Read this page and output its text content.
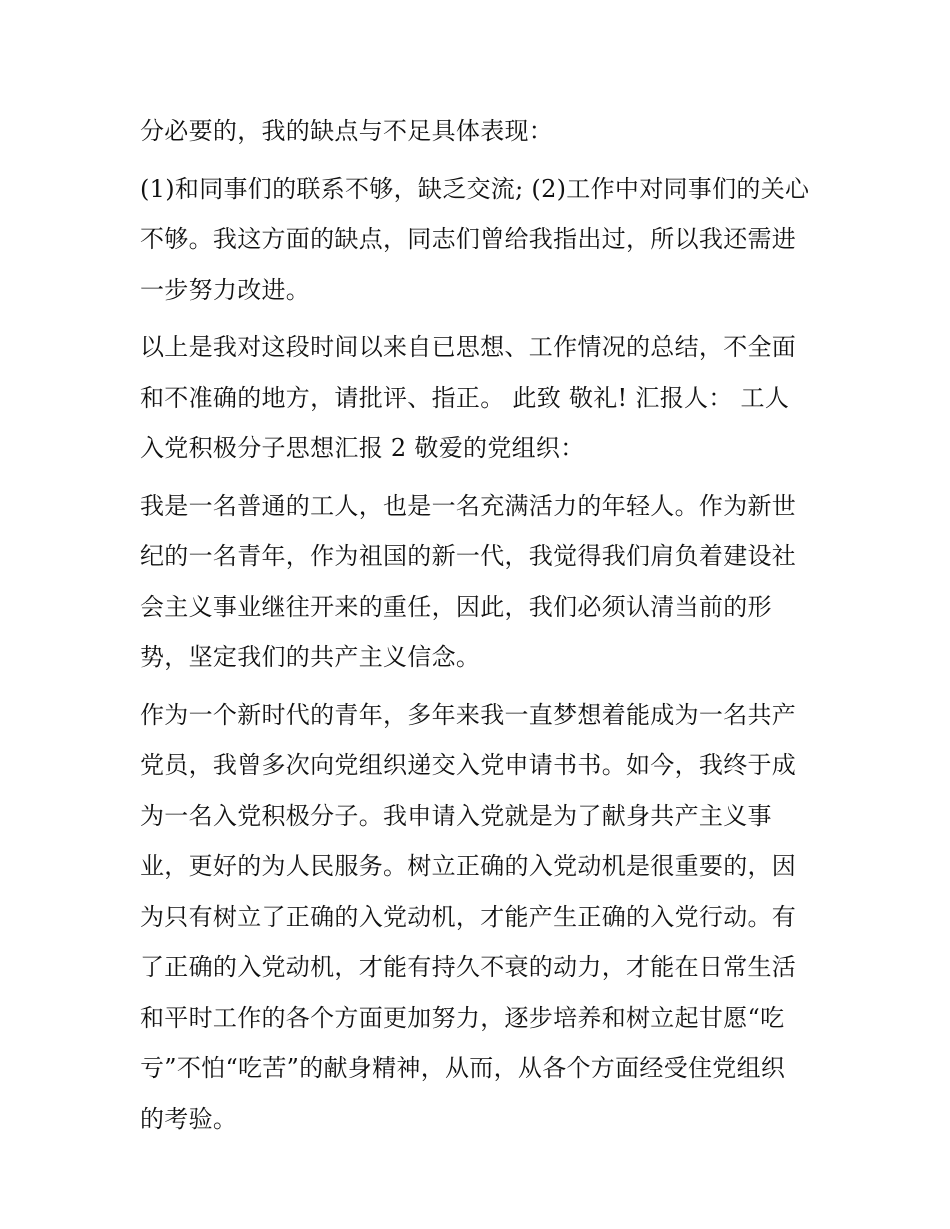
分必要的，我的缺点与不足具体表现：
(1)和同事们的联系不够，缺乏交流; (2)工作中对同事们的关心
不够。我这方面的缺点，同志们曾给我指出过，所以我还需进
一步努力改进。
以上是我对这段时间以来自已思想、工作情况的总结，不全面
和不准确的地方，请批评、指正。 此致 敬礼! 汇报人： 工人
入党积极分子思想汇报 2 敬爱的党组织：
我是一名普通的工人，也是一名充满活力的年轻人。作为新世
纪的一名青年，作为祖国的新一代，我觉得我们肩负着建设社
会主义事业继往开来的重任，因此，我们必须认清当前的形
势，坚定我们的共产主义信念。
作为一个新时代的青年，多年来我一直梦想着能成为一名共产
党员，我曾多次向党组织递交入党申请书书。如今，我终于成
为一名入党积极分子。我申请入党就是为了献身共产主义事
业，更好的为人民服务。树立正确的入党动机是很重要的，因
为只有树立了正确的入党动机，才能产生正确的入党行动。有
了正确的入党动机，才能有持久不衰的动力，才能在日常生活
和平时工作的各个方面更加努力，逐步培养和树立起甘愿“吃
亏”不怕“吃苦”的献身精神，从而，从各个方面经受住党组织
的考验。
